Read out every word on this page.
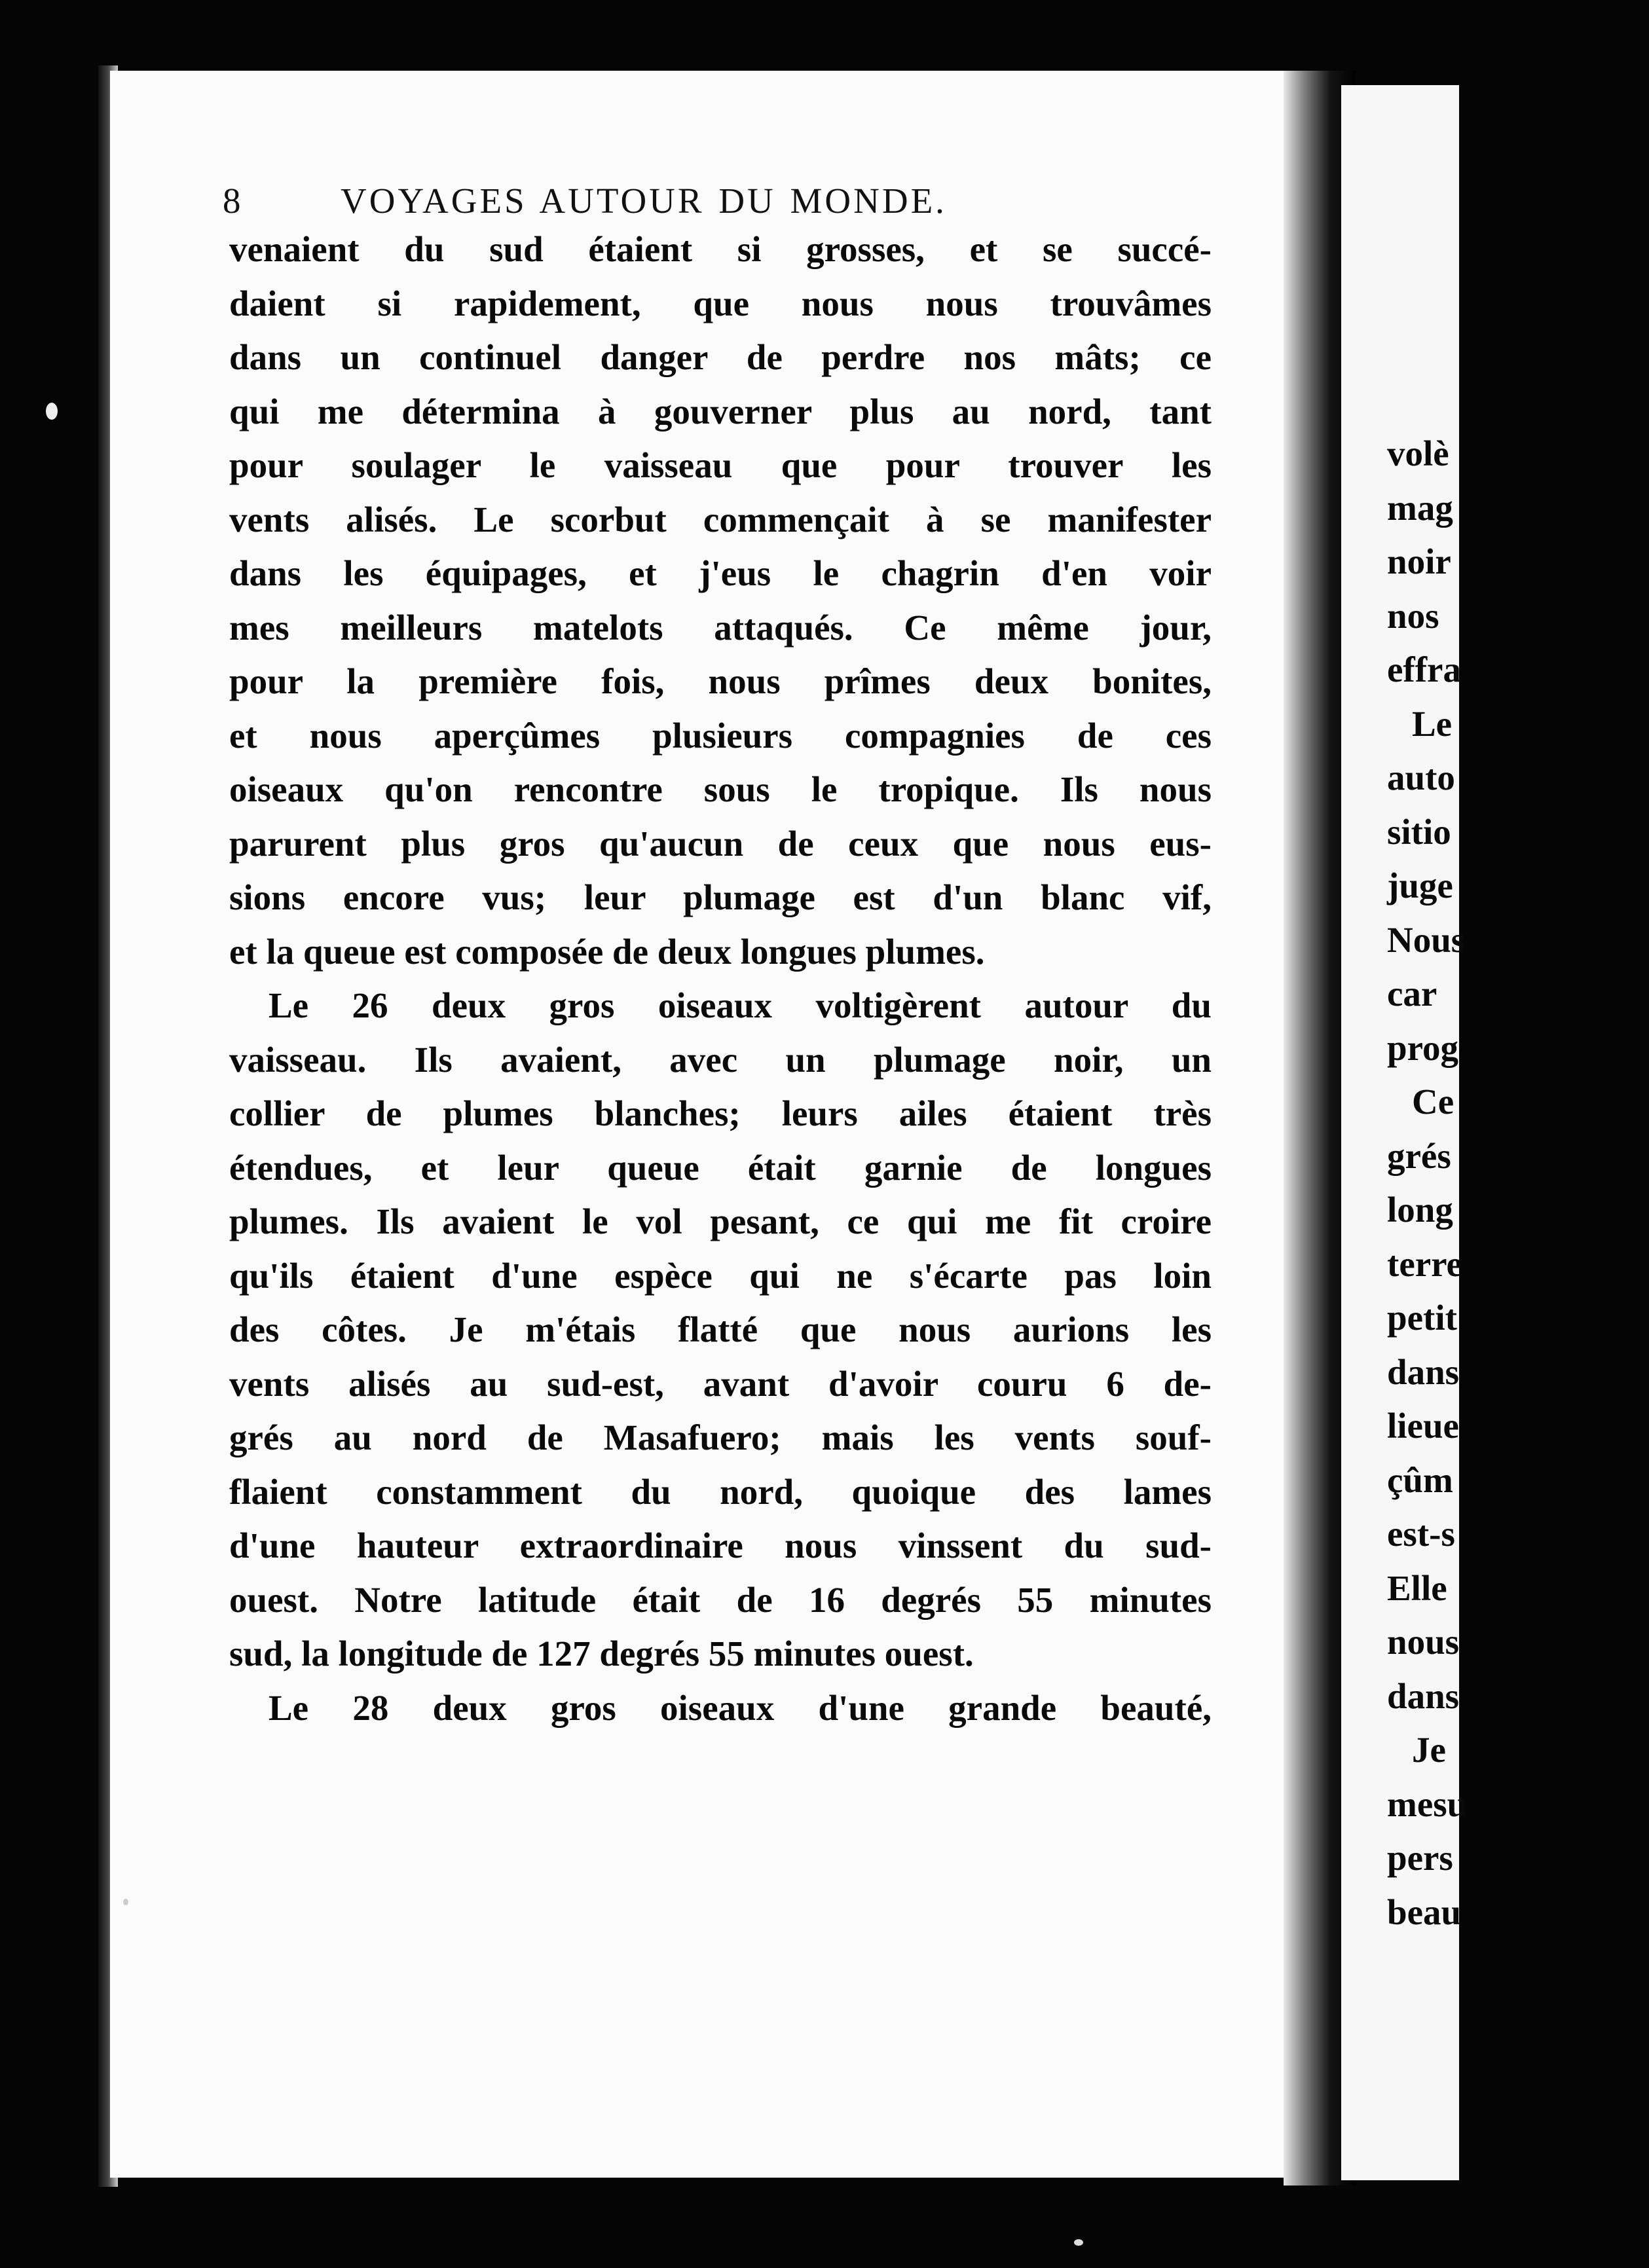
volè
mag
noir
nos
effra
Le
auto
sitio
juge
Nous
car
prog
Ce
grés
long
terre
petit
dans
lieue
çûm
est-s
Elle
nous
dans
Je
mesu
pers
beau
8	VOYAGES AUTOUR DU MONDE.
venaient du sud étaient si grosses, et se succé-
daient si rapidement, que nous nous trouvâmes
dans un continuel danger de perdre nos mâts; ce
qui me détermina à gouverner plus au nord, tant
pour soulager le vaisseau que pour trouver les
vents alisés. Le scorbut commençait à se manifester
dans les équipages, et j'eus le chagrin d'en voir
mes meilleurs matelots attaqués. Ce même jour,
pour la première fois, nous prîmes deux bonites,
et nous aperçûmes plusieurs compagnies de ces
oiseaux qu'on rencontre sous le tropique. Ils nous
parurent plus gros qu'aucun de ceux que nous eus-
sions encore vus; leur plumage est d'un blanc vif,
et la queue est composée de deux longues plumes.
Le 26 deux gros oiseaux voltigèrent autour du
vaisseau. Ils avaient, avec un plumage noir, un
collier de plumes blanches; leurs ailes étaient très
étendues, et leur queue était garnie de longues
plumes. Ils avaient le vol pesant, ce qui me fit croire
qu'ils étaient d'une espèce qui ne s'écarte pas loin
des côtes. Je m'étais flatté que nous aurions les
vents alisés au sud-est, avant d'avoir couru 6 de-
grés au nord de Masafuero; mais les vents souf-
flaient constamment du nord, quoique des lames
d'une hauteur extraordinaire nous vinssent du sud-
ouest. Notre latitude était de 16 degrés 55 minutes
sud, la longitude de 127 degrés 55 minutes ouest.
Le 28 deux gros oiseaux d'une grande beauté,
